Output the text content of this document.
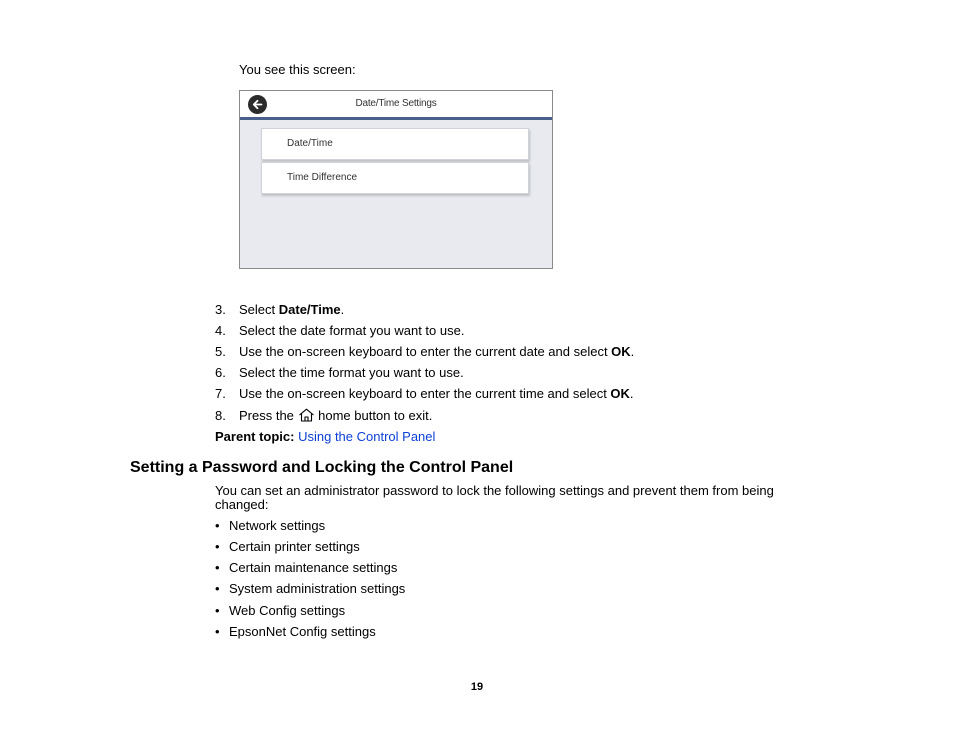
You see this screen:
Date/Time Settings
Date/Time
Time Difference
3.	Select Date/Time.
4.	Select the date format you want to use.
5.	Use the on-screen keyboard to enter the current date and select OK.
6.	Select the time format you want to use.
7.	Use the on-screen keyboard to enter the current time and select OK.
8.	Press the  home button to exit.
Parent topic: Using the Control Panel
Setting a Password and Locking the Control Panel
You can set an administrator password to lock the following settings and prevent them from being
changed:
• Network settings
• Certain printer settings
• Certain maintenance settings
• System administration settings
• Web Config settings
• EpsonNet Config settings
19
